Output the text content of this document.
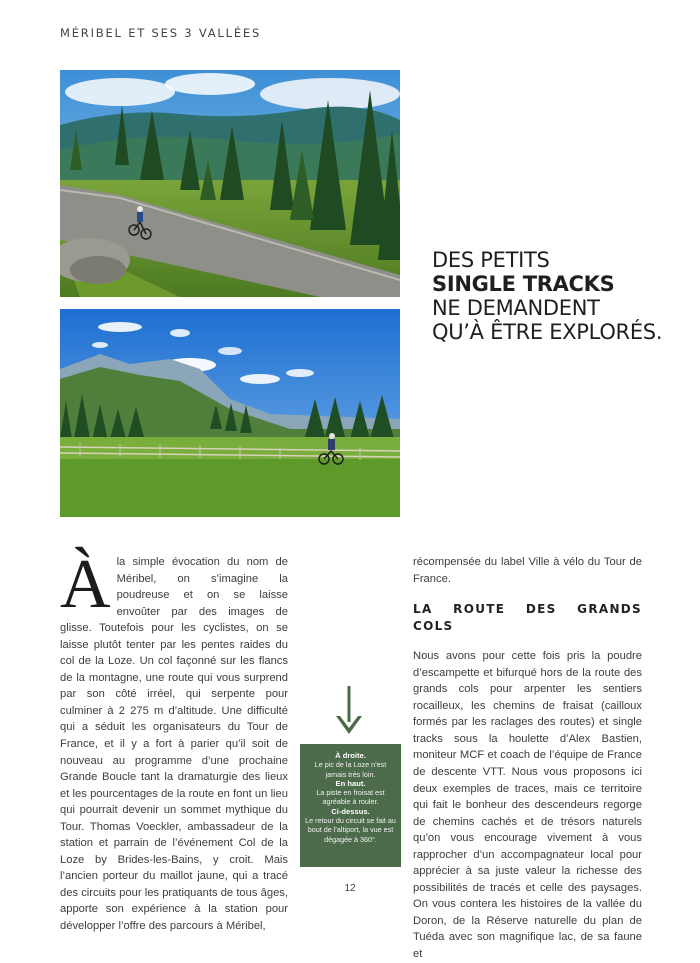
MÉRIBEL ET SES 3 VALLÉES
DES PETITS
SINGLE TRACKS
NE DEMANDENT
QU’À ÊTRE EXPLORÉS.
À la simple évocation du nom de Méribel, on s’imagine la poudreuse et on se laisse envoûter par des images de glisse. Toutefois pour les cyclistes, on se laisse plutôt tenter par les pentes raides du col de la Loze. Un col façonné sur les flancs de la montagne, une route qui vous surprend par son côté irréel, qui serpente pour culminer à 2 275 m d’altitude. Une difficulté qui a séduit les organisateurs du Tour de France, et il y a fort à parier qu’il soit de nouveau au programme d’une prochaine Grande Boucle tant la dramaturgie des lieux et les pourcentages de la route en font un lieu qui pourrait devenir un sommet mythique du Tour. Thomas Voeckler, ambassadeur de la station et parrain de l’événement Col de la Loze by Brides-les-Bains, y croit. Mais l’ancien porteur du maillot jaune, qui a tracé des circuits pour les pratiquants de tous âges, apporte son expérience à la station pour développer l’offre des parcours à Méribel,

À droite.
Le pic de la Loze n’est jamais très loin.
En haut.
La piste en froisat est agréable à rouler.
Ci-dessus.
Le retour du circuit se fait au bout de l’altiport, la vue est dégagée à 360°.

récompensée du label Ville à vélo du Tour de France.

LA ROUTE DES GRANDS COLS

Nous avons pour cette fois pris la poudre d’escampette et bifurqué hors de la route des grands cols pour arpenter les sentiers rocailleux, les chemins de fraisat (cailloux formés par les raclages des routes) et single tracks sous la houlette d’Alex Bastien, moniteur MCF et coach de l’équipe de France de descente VTT. Nous vous proposons ici deux exemples de traces, mais ce territoire qui fait le bonheur des descendeurs regorge de chemins cachés et de trésors naturels qu’on vous encourage vivement à vous rapprocher d’un accompagnateur local pour apprécier à sa juste valeur la richesse des possibilités de tracés et celle des paysages. On vous contera les histoires de la vallée du Doron, de la Réserve naturelle du plan de Tuéda avec son magnifique lac, de sa faune et

12
